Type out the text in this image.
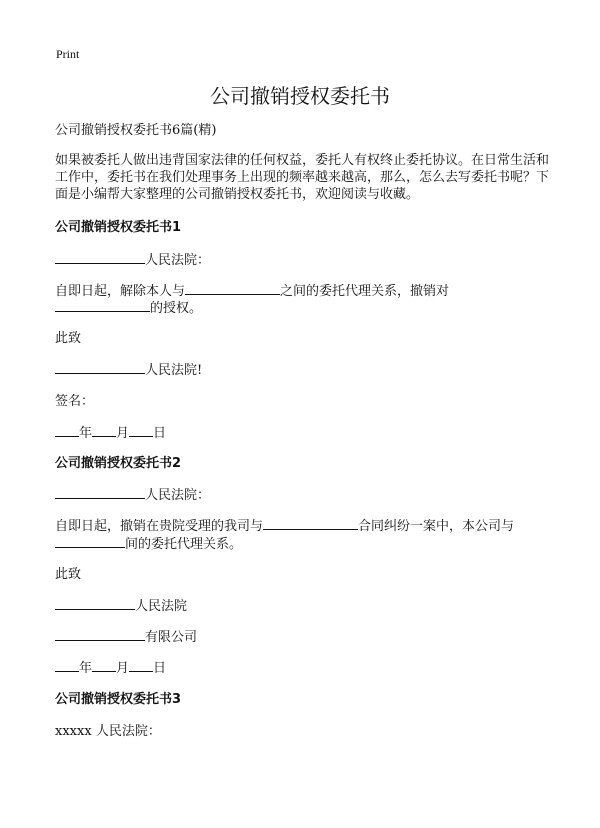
Print
公司撤销授权委托书
公司撤销授权委托书6篇(精)
如果被委托人做出违背国家法律的任何权益，委托人有权终止委托协议。在日常生活和工作中，委托书在我们处理事务上出现的频率越来越高，那么，怎么去写委托书呢？下面是小编帮大家整理的公司撤销授权委托书，欢迎阅读与收藏。
公司撤销授权委托书1
人民法院：
自即日起，解除本人与	之间的委托代理关系，撤销对
的授权。
此致
人民法院!
签名：
年 月 日
公司撤销授权委托书2
人民法院：
自即日起，撤销在贵院受理的我司与	合同纠纷一案中，本公司与
间的委托代理关系。
此致
人民法院
有限公司
年 月 日
公司撤销授权委托书3
xxxxx 人民法院：
